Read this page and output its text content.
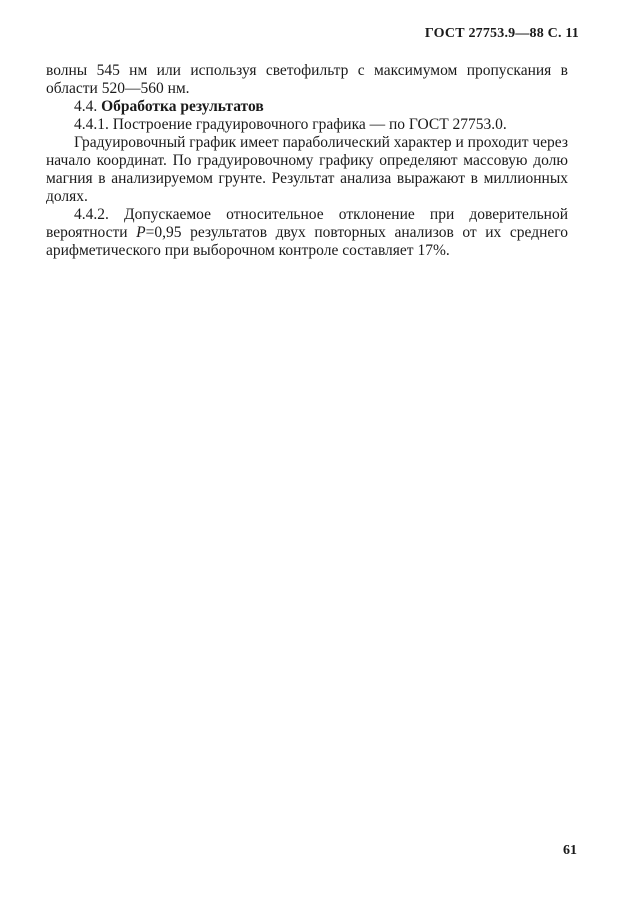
ГОСТ 27753.9—88 С. 11

волны 545 нм или используя светофильтр с максимумом пропускания в области 520—560 нм.

4.4. Обработка результатов

4.4.1. Построение градуировочного графика — по ГОСТ 27753.0.

Градуировочный график имеет параболический характер и проходит через начало координат. По градуировочному графику определяют массовую долю магния в анализируемом грунте. Результат анализа выражают в миллионных долях.

4.4.2. Допускаемое относительное отклонение при доверительной вероятности P=0,95 результатов двух повторных анализов от их среднего арифметического при выборочном контроле составляет 17%.

61
